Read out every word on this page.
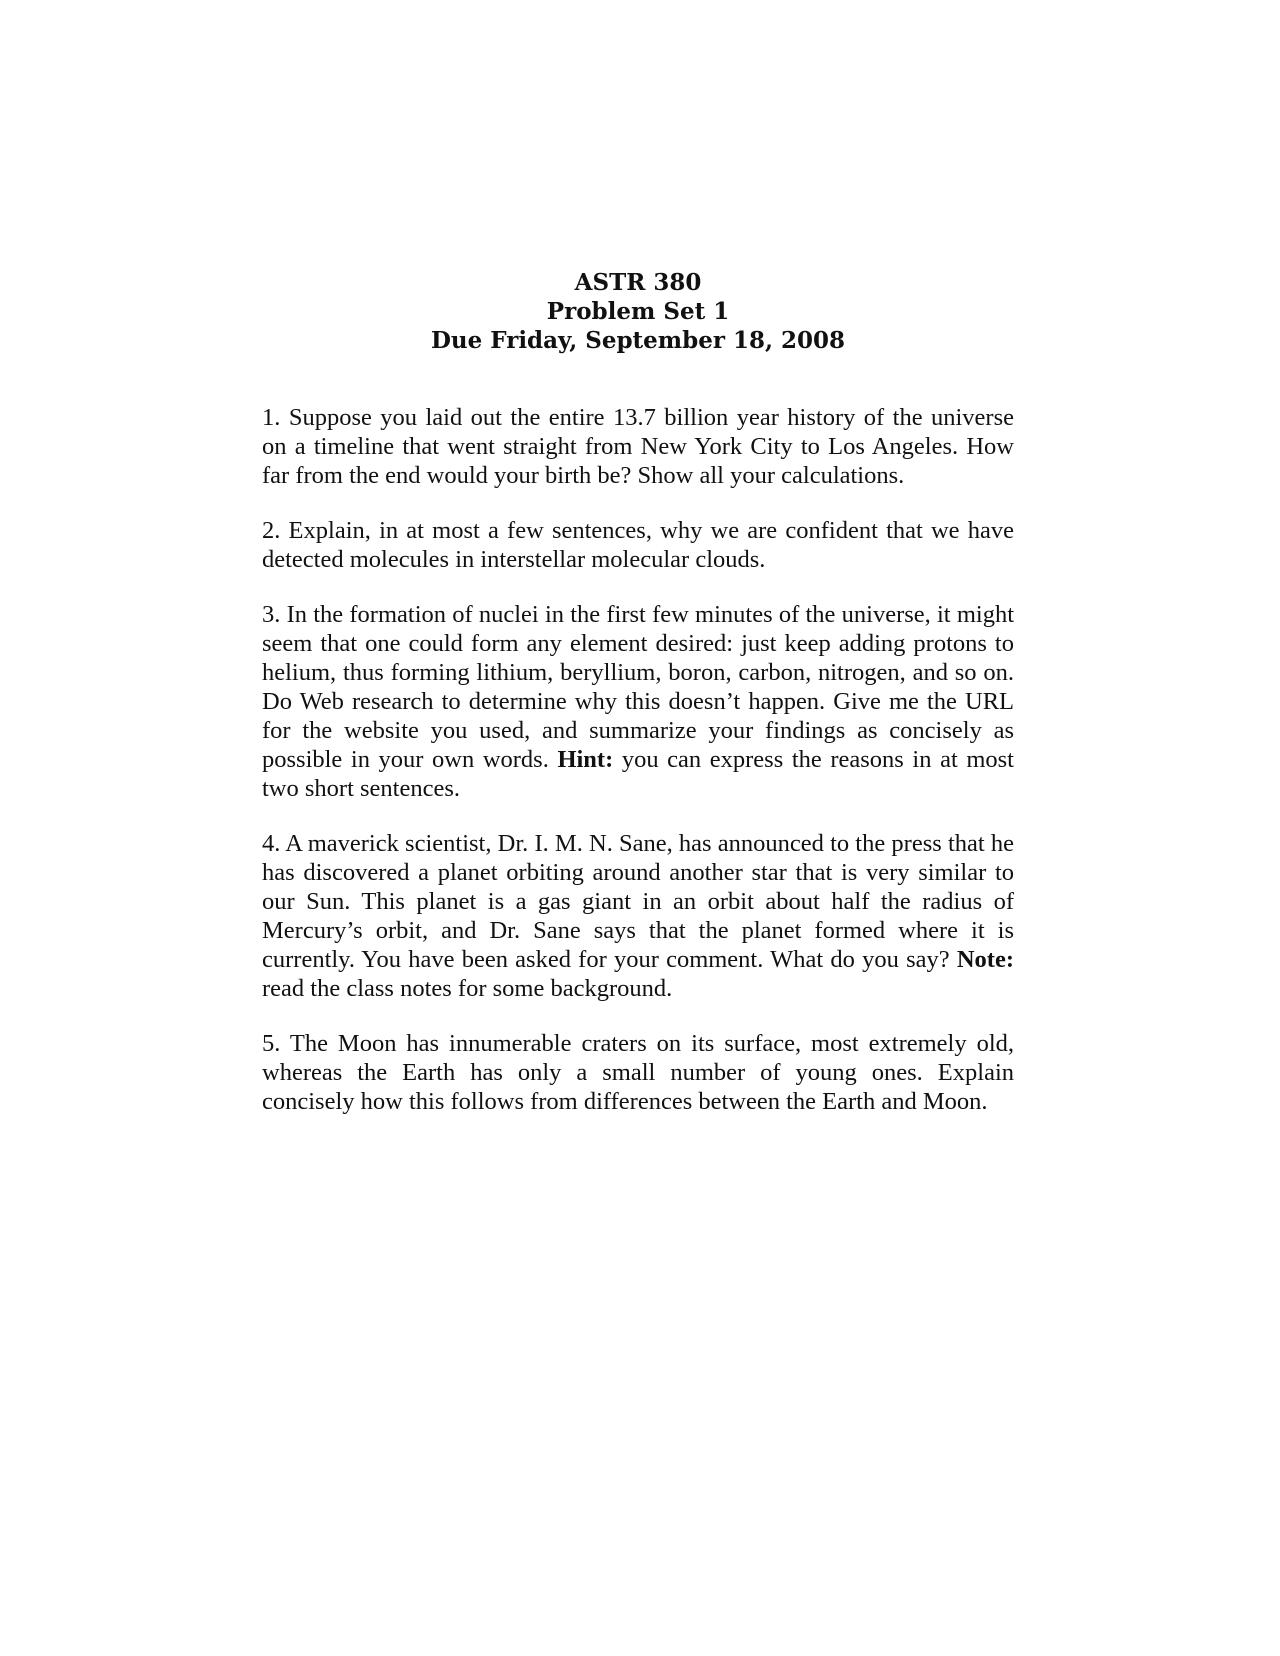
ASTR 380
Problem Set 1
Due Friday, September 18, 2008

1. Suppose you laid out the entire 13.7 billion year history of the universe on a timeline that went straight from New York City to Los Angeles. How far from the end would your birth be? Show all your calculations.

2. Explain, in at most a few sentences, why we are confident that we have detected molecules in interstellar molecular clouds.

3. In the formation of nuclei in the first few minutes of the universe, it might seem that one could form any element desired: just keep adding protons to helium, thus forming lithium, beryllium, boron, carbon, nitrogen, and so on. Do Web research to determine why this doesn’t happen. Give me the URL for the website you used, and summarize your findings as concisely as possible in your own words. Hint: you can express the reasons in at most two short sentences.

4. A maverick scientist, Dr. I. M. N. Sane, has announced to the press that he has discovered a planet orbiting around another star that is very similar to our Sun. This planet is a gas giant in an orbit about half the radius of Mercury’s orbit, and Dr. Sane says that the planet formed where it is currently. You have been asked for your comment. What do you say? Note: read the class notes for some background.

5. The Moon has innumerable craters on its surface, most extremely old, whereas the Earth has only a small number of young ones. Explain concisely how this follows from differences between the Earth and Moon.
